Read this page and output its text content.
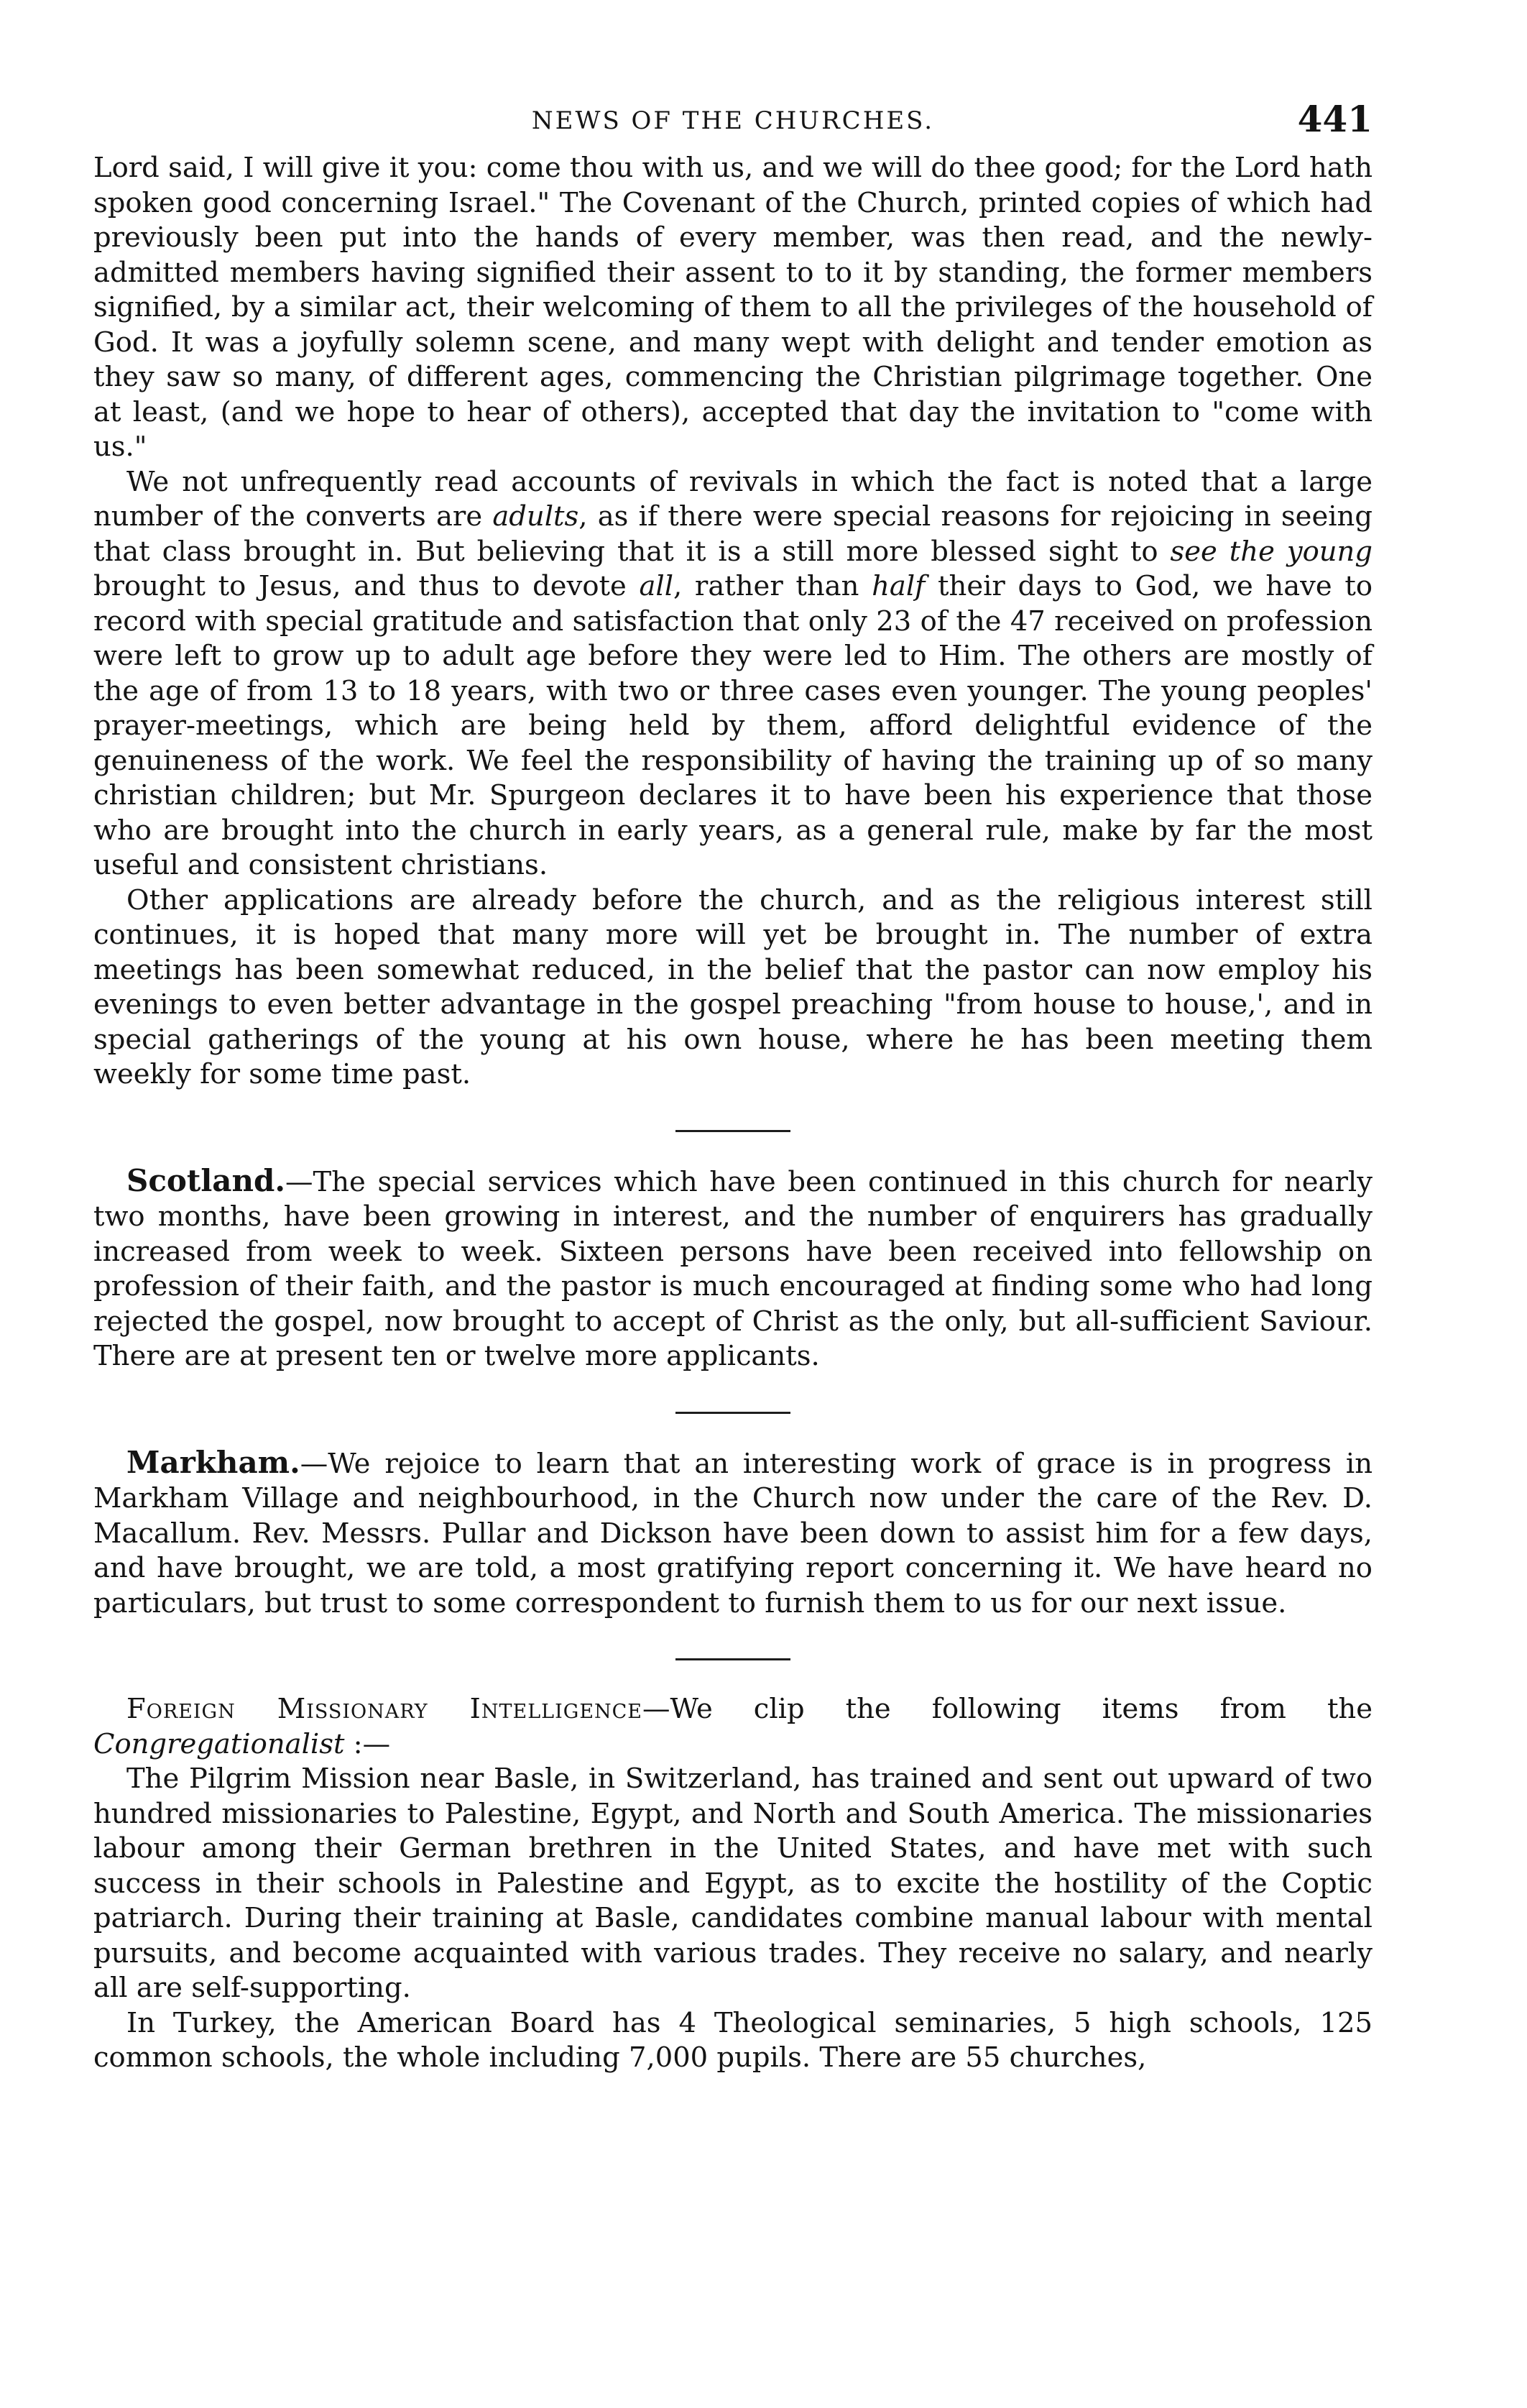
NEWS OF THE CHURCHES.	441

Lord said, I will give it you: come thou with us, and we will do thee good; for the Lord hath spoken good concerning Israel." The Covenant of the Church, printed copies of which had previously been put into the hands of every member, was then read, and the newly-admitted members having signified their assent to to it by standing, the former members signified, by a similar act, their welcoming of them to all the privileges of the household of God. It was a joyfully solemn scene, and many wept with delight and tender emotion as they saw so many, of different ages, commencing the Christian pilgrimage together. One at least, (and we hope to hear of others), accepted that day the invitation to "come with us."

We not unfrequently read accounts of revivals in which the fact is noted that a large number of the converts are adults, as if there were special reasons for rejoicing in seeing that class brought in. But believing that it is a still more blessed sight to see the young brought to Jesus, and thus to devote all, rather than half their days to God, we have to record with special gratitude and satisfaction that only 23 of the 47 received on profession were left to grow up to adult age before they were led to Him. The others are mostly of the age of from 13 to 18 years, with two or three cases even younger. The young peoples' prayer-meetings, which are being held by them, afford delightful evidence of the genuineness of the work. We feel the responsibility of having the training up of so many christian children; but Mr. Spurgeon declares it to have been his experience that those who are brought into the church in early years, as a general rule, make by far the most useful and consistent christians.

Other applications are already before the church, and as the religious interest still continues, it is hoped that many more will yet be brought in. The number of extra meetings has been somewhat reduced, in the belief that the pastor can now employ his evenings to even better advantage in the gospel preaching "from house to house,', and in special gatherings of the young at his own house, where he has been meeting them weekly for some time past.

Scotland.—The special services which have been continued in this church for nearly two months, have been growing in interest, and the number of enquirers has gradually increased from week to week. Sixteen persons have been received into fellowship on profession of their faith, and the pastor is much encouraged at finding some who had long rejected the gospel, now brought to accept of Christ as the only, but all-sufficient Saviour. There are at present ten or twelve more applicants.

Markham.—We rejoice to learn that an interesting work of grace is in progress in Markham Village and neighbourhood, in the Church now under the care of the Rev. D. Macallum. Rev. Messrs. Pullar and Dickson have been down to assist him for a few days, and have brought, we are told, a most gratifying report concerning it. We have heard no particulars, but trust to some correspondent to furnish them to us for our next issue.

Foreign Missionary Intelligence—We clip the following items from the Congregationalist :—

The Pilgrim Mission near Basle, in Switzerland, has trained and sent out upward of two hundred missionaries to Palestine, Egypt, and North and South America. The missionaries labour among their German brethren in the United States, and have met with such success in their schools in Palestine and Egypt, as to excite the hostility of the Coptic patriarch. During their training at Basle, candidates combine manual labour with mental pursuits, and become acquainted with various trades. They receive no salary, and nearly all are self-supporting.

In Turkey, the American Board has 4 Theological seminaries, 5 high schools, 125 common schools, the whole including 7,000 pupils. There are 55 churches,
